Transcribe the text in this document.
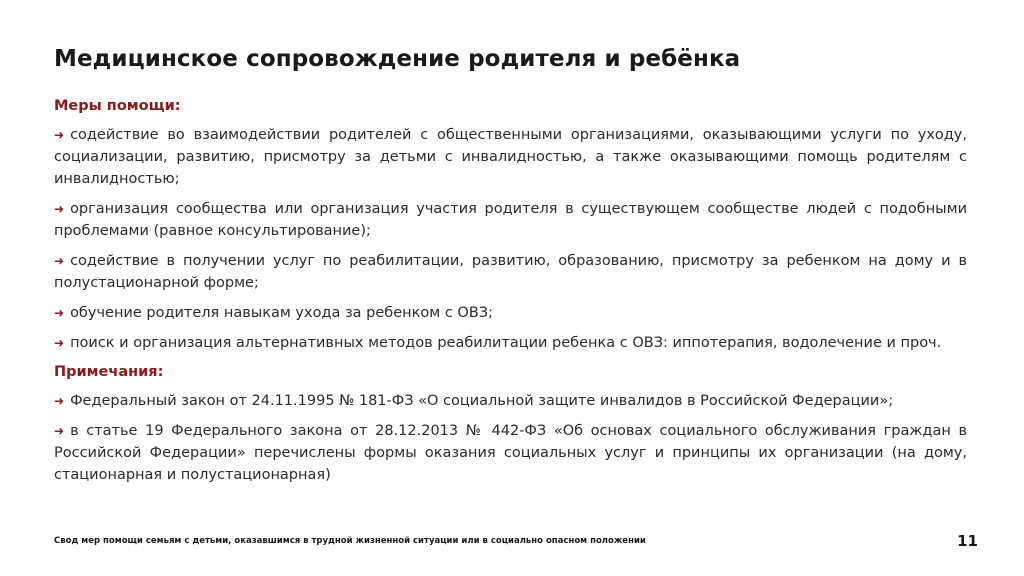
Медицинское сопровождение родителя и ребёнка
Меры помощи:
➜ содействие во взаимодействии родителей с общественными организациями, оказывающими услуги по уходу, социализации, развитию, присмотру за детьми с инвалидностью, а также оказывающими помощь родителям с инвалидностью;
➜ организация сообщества или организация участия родителя в существующем сообществе людей с подобными проблемами (равное консультирование);
➜ содействие в получении услуг по реабилитации, развитию, образованию, присмотру за ребенком на дому и в полустационарной форме;
➜ обучение родителя навыкам ухода за ребенком с ОВЗ;
➜ поиск и организация альтернативных методов реабилитации ребенка с ОВЗ: иппотерапия, водолечение и проч.
Примечания:
➜ Федеральный закон от 24.11.1995 № 181-ФЗ «О социальной защите инвалидов в Российской Федерации»;
➜ в статье 19 Федерального закона от 28.12.2013 № 442-ФЗ «Об основах социального обслуживания граждан в Российской Федерации» перечислены формы оказания социальных услуг и принципы их организации (на дому, стационарная и полустационарная)
Свод мер помощи семьям с детьми, оказавшимся в трудной жизненной ситуации или в социально опасном положении	11
